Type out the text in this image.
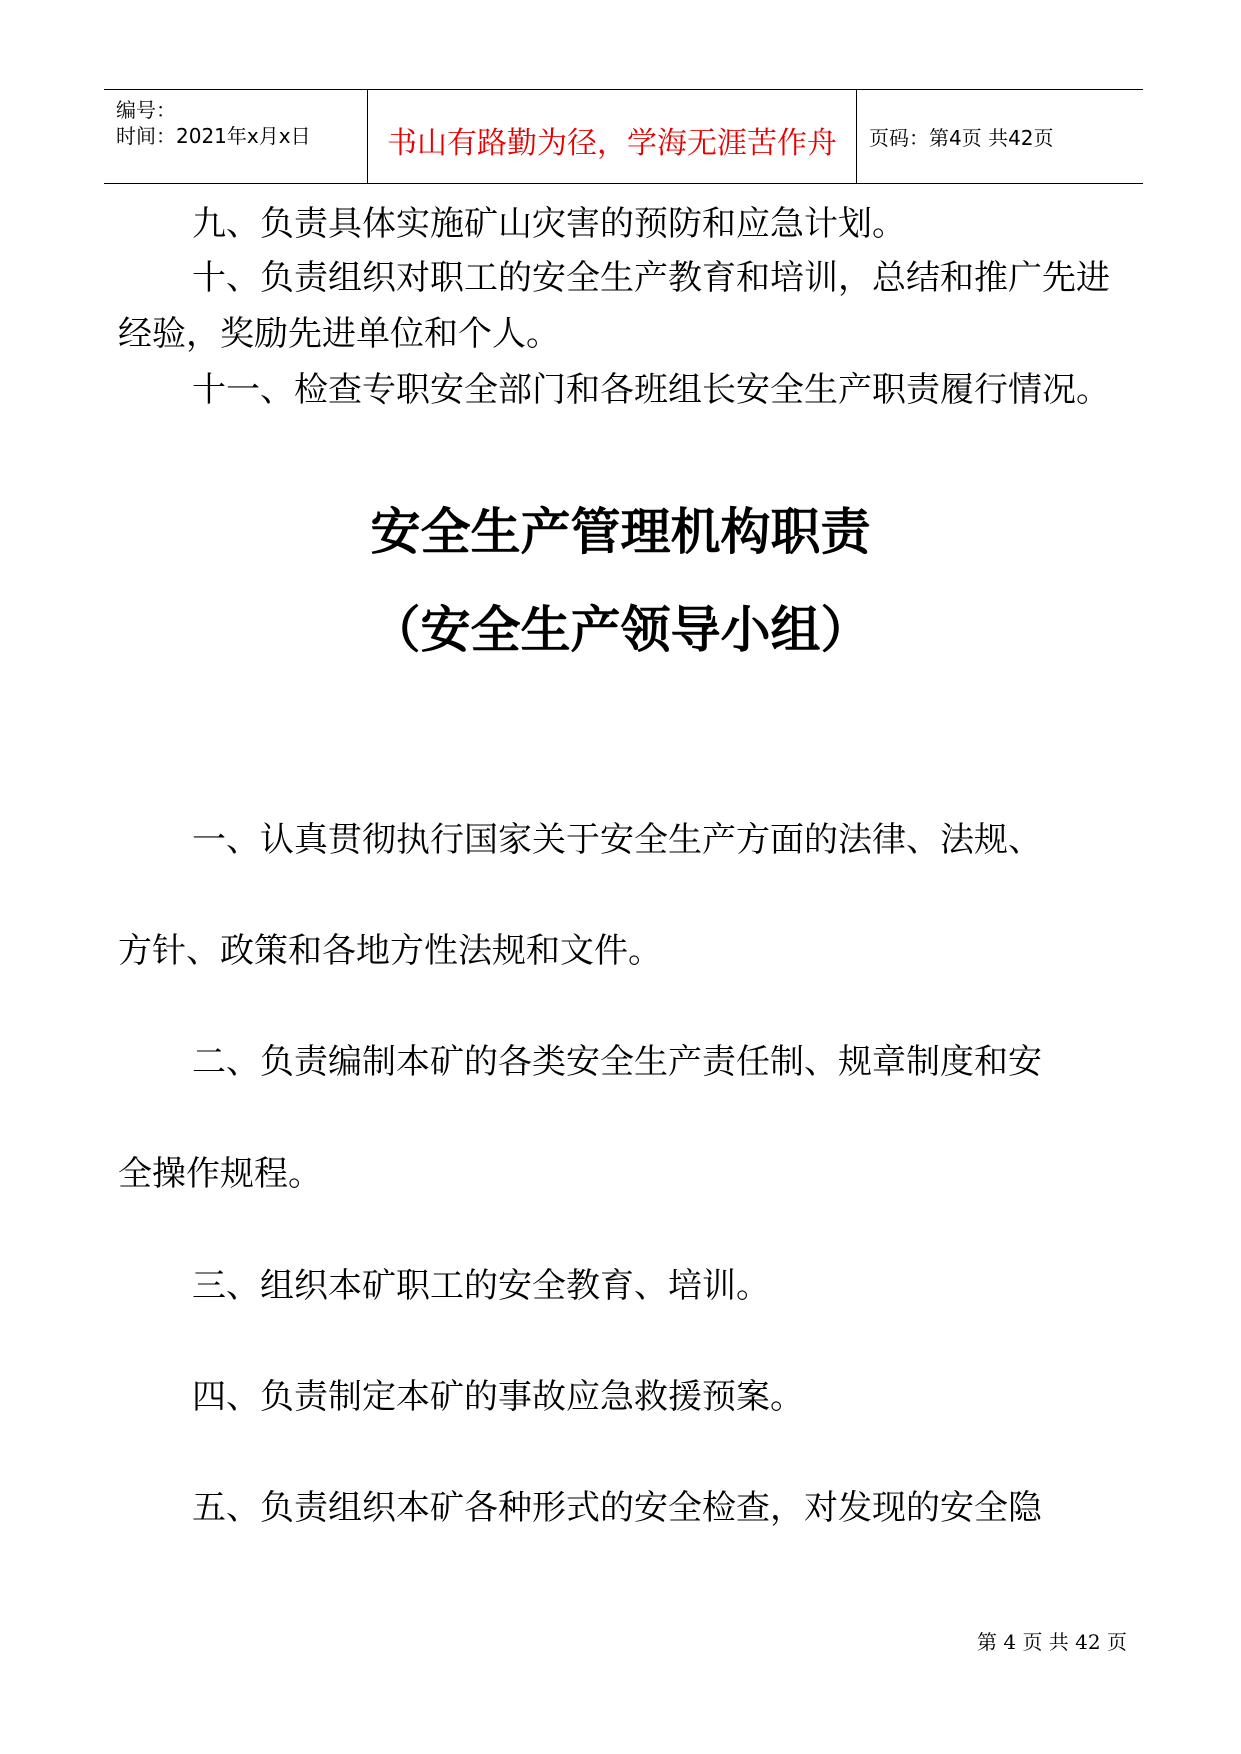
编号：
时间：2021年x月x日	书山有路勤为径，学海无涯苦作舟	页码：第4页 共42页

九、负责具体实施矿山灾害的预防和应急计划。

十、负责组织对职工的安全生产教育和培训，总结和推广先进经验，奖励先进单位和个人。

十一、检查专职安全部门和各班组长安全生产职责履行情况。

安全生产管理机构职责
（安全生产领导小组）
一、认真贯彻执行国家关于安全生产方面的法律、法规、
方针、政策和各地方性法规和文件。
二、负责编制本矿的各类安全生产责任制、规章制度和安
全操作规程。
三、组织本矿职工的安全教育、培训。
四、负责制定本矿的事故应急救援预案。
五、负责组织本矿各种形式的安全检查，对发现的安全隐
第 4 页 共 42 页
